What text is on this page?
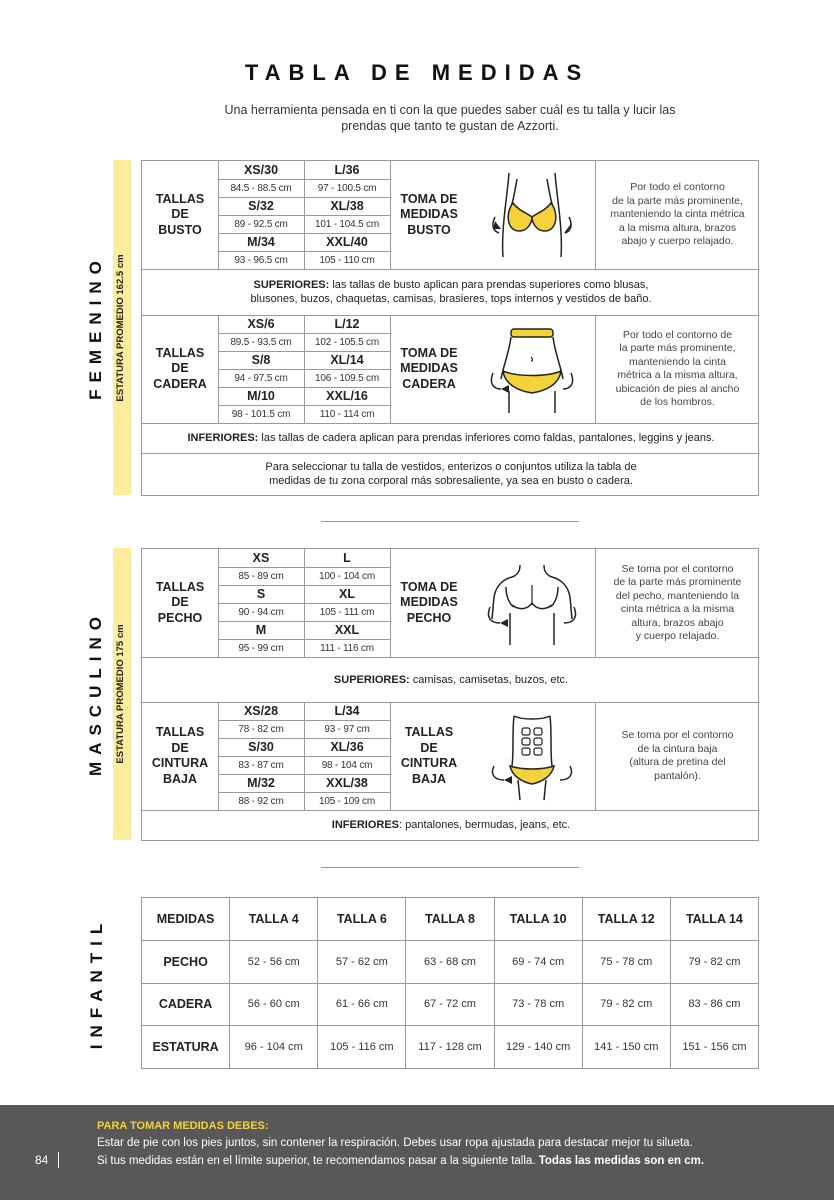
TABLA DE MEDIDAS
Una herramienta pensada en ti con la que puedes saber cuál es tu talla y lucir las
prendas que tanto te gustan de Azzorti.
ESTATURA PROMEDIO 162.5 cm
FEMENINO
TALLAS
DE
BUSTO
XS/30	L/36
84.5 - 88.5 cm	97 - 100.5 cm
S/32	XL/38
89 - 92.5 cm	101 - 104.5 cm
M/34	XXL/40
93 - 96.5 cm	105 - 110 cm
TOMA DE
MEDIDAS
BUSTO
Por todo el contorno
de la parte más prominente,
manteniendo la cinta métrica
a la misma altura, brazos
abajo y cuerpo relajado.
SUPERIORES: las tallas de busto aplican para prendas superiores como blusas,
blusones, buzos, chaquetas, camisas, brasieres, tops internos y vestidos de baño.
TALLAS
DE
CADERA
XS/6	L/12
89.5 - 93.5 cm	102 - 105.5 cm
S/8	XL/14
94 - 97.5 cm	106 - 109.5 cm
M/10	XXL/16
98 - 101.5 cm	110 - 114 cm
TOMA DE
MEDIDAS
CADERA
Por todo el contorno de
la parte más prominente,
manteniendo la cinta
métrica a la misma altura,
ubicación de pies al ancho
de los hombros.
INFERIORES: las tallas de cadera aplican para prendas inferiores como faldas, pantalones, leggins y jeans.
Para seleccionar tu talla de vestidos, enterizos o conjuntos utiliza la tabla de
medidas de tu zona corporal más sobresaliente, ya sea en busto o cadera.
ESTATURA PROMEDIO 175 cm
MASCULINO
TALLAS
DE
PECHO
XS	L
85 - 89 cm	100 - 104 cm
S	XL
90 - 94 cm	105 - 111 cm
M	XXL
95 - 99 cm	111 - 116 cm
TOMA DE
MEDIDAS
PECHO
Se toma por el contorno
de la parte más prominente
del pecho, manteniendo la
cinta métrica a la misma
altura, brazos abajo
y cuerpo relajado.
SUPERIORES: camisas, camisetas, buzos, etc.
TALLAS
DE
CINTURA
BAJA
XS/28	L/34
78 - 82 cm	93 - 97 cm
S/30	XL/36
83 - 87 cm	98 - 104 cm
M/32	XXL/38
88 - 92 cm	105 - 109 cm
TALLAS
DE
CINTURA
BAJA
Se toma por el contorno
de la cintura baja
(altura de pretina del
pantalón).
INFERIORES: pantalones, bermudas, jeans, etc.
INFANTIL	MEDIDAS	TALLA 4	TALLA 6	TALLA 8	TALLA 10	TALLA 12	TALLA 14
PECHO	52 - 56 cm	57 - 62 cm	63 - 68 cm	69 - 74 cm	75 - 78 cm	79 - 82 cm
CADERA	56 - 60 cm	61 - 66 cm	67 - 72 cm	73 - 78 cm	79 - 82 cm	83 - 86 cm
ESTATURA	96 - 104 cm	105 - 116 cm	117 - 128 cm	129 - 140 cm	141 - 150 cm	151 - 156 cm
PARA TOMAR MEDIDAS DEBES:
Estar de pie con los pies juntos, sin contener la respiración. Debes usar ropa ajustada para destacar mejor tu silueta.
Si tus medidas están en el límite superior, te recomendamos pasar a la siguiente talla. Todas las medidas son en cm.
84
